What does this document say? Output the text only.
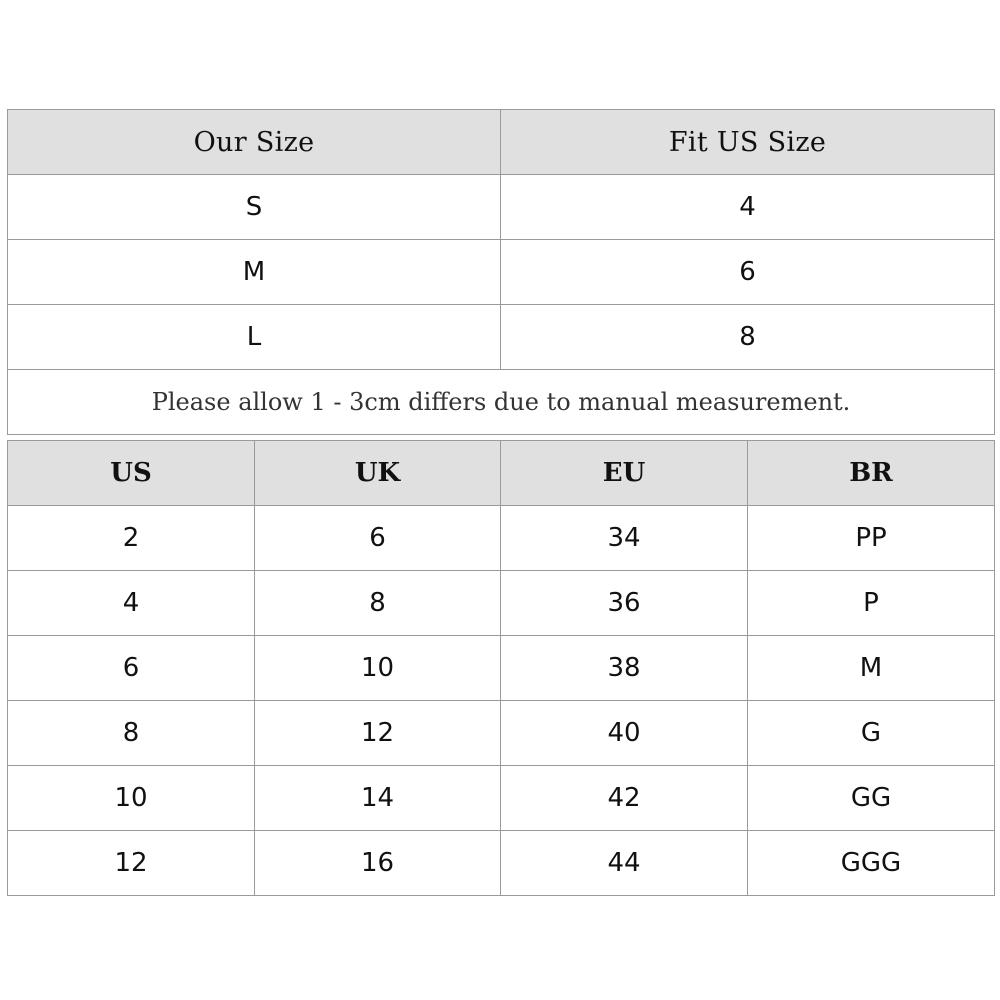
Our Size	Fit US Size
S	4
M	6
L	8
Please allow 1 - 3cm differs due to manual measurement.	
US	UK	EU	BR
2	6	34	PP
4	8	36	P
6	10	38	M
8	12	40	G
10	14	42	GG
12	16	44	GGG
